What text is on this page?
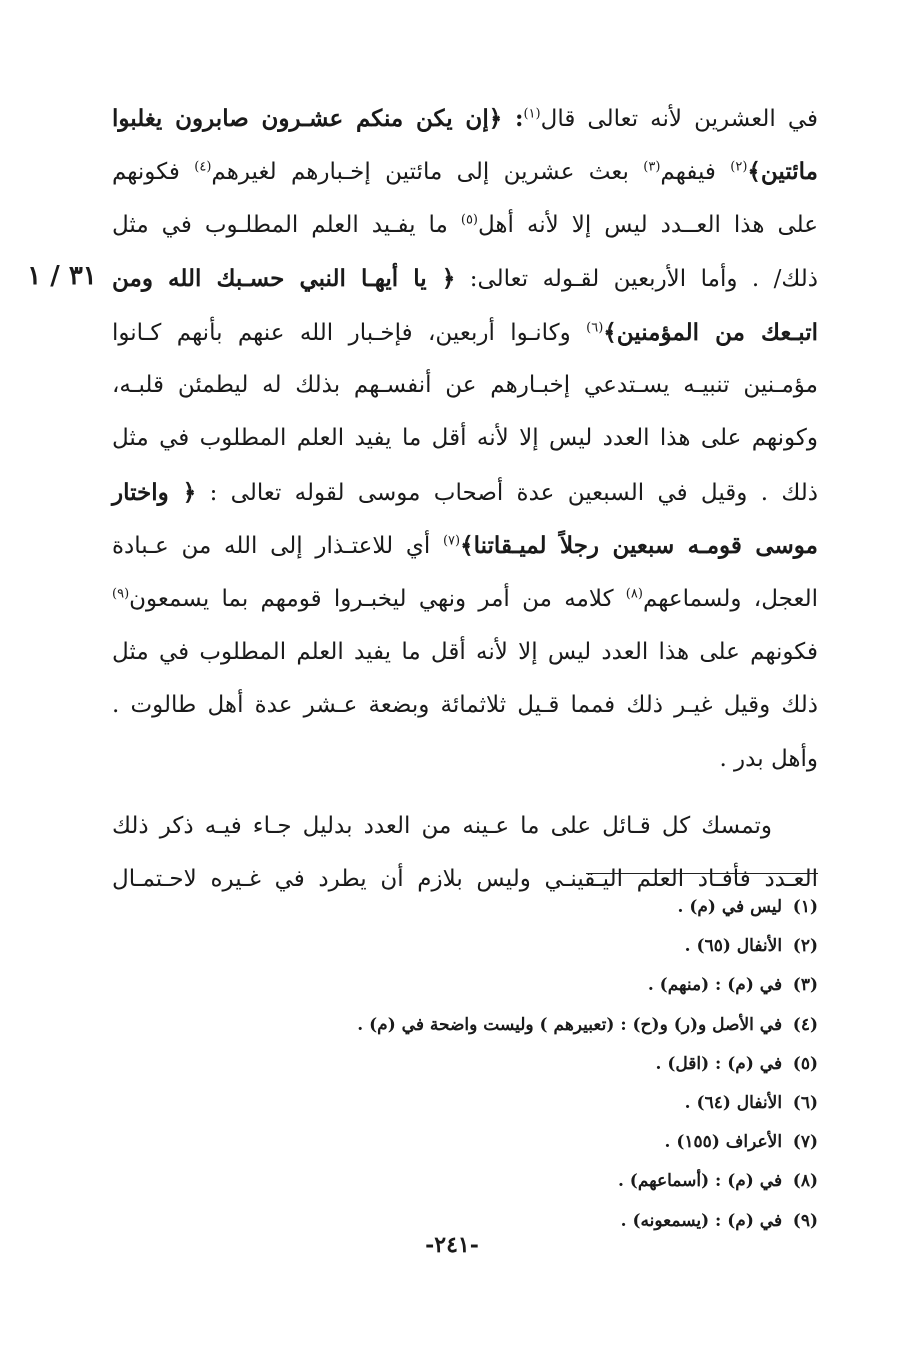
٣١ / ١
في العشرين لأنه تعالى قال$^{(١)}$: ﴿إن يكن منكم عشـرون صابرون يغلبوا
مائتين﴾$^{(٢)}$ فيفهم$^{(٣)}$ بعث عشرين إلى مائتين إخـبارهم لغيرهم$^{(٤)}$ فكونهم
على هذا العــدد ليس إلا لأنه أهل$^{(٥)}$ ما يفـيد العلم المطلـوب في مثل
ذلك/ . وأما الأربعين لقـوله تعالى: ﴿ يا أيهـا النبي حسـبك الله ومن
اتبـعك من المؤمنين﴾$^{(٦)}$ وكانـوا أربعين، فإخـبار الله عنهم بأنهم كـانوا
مؤمـنين تنبيـه يسـتدعي إخبـارهم عن أنفسـهم بذلك له ليطمئن قلبـه،
وكونهم على هذا العدد ليس إلا لأنه أقل ما يفيد العلم المطلوب في مثل
ذلك . وقيل في السبعين عدة أصحاب موسى لقوله تعالى : ﴿ واختار
موسى قومـه سبعين رجلاً لميـقاتنا﴾$^{(٧)}$ أي للاعتـذار إلى الله من عـبادة
العجل، ولسماعهم$^{(٨)}$ كلامه من أمر ونهي ليخبـروا قومهم بما يسمعون$^{(٩)}$
فكونهم على هذا العدد ليس إلا لأنه أقل ما يفيد العلم المطلوب في مثل
ذلك وقيل غيـر ذلك فمما قـيل ثلاثمائة وبضعة عـشر عدة أهل طالوت .
وأهل بدر .
وتمسك كل قـائل على ما عـينه من العدد بدليل جـاء فيـه ذكر ذلك
العـدد فأفـاد العلم اليـقينـي وليس بلازم أن يطرد في غـيره لاحـتمـال
(١) ليس في (م) .
(٢) الأنفال (٦٥) .
(٣) في (م) : (منهم) .
(٤) في الأصل و(ر) و(ح) : (تعبيرهم ) وليست واضحة في (م) .
(٥) في (م) : (اقل) .
(٦) الأنفال (٦٤) .
(٧) الأعراف (١٥٥) .
(٨) في (م) : (أسماعهم) .
(٩) في (م) : (يسمعونه) .
-٢٤١-
